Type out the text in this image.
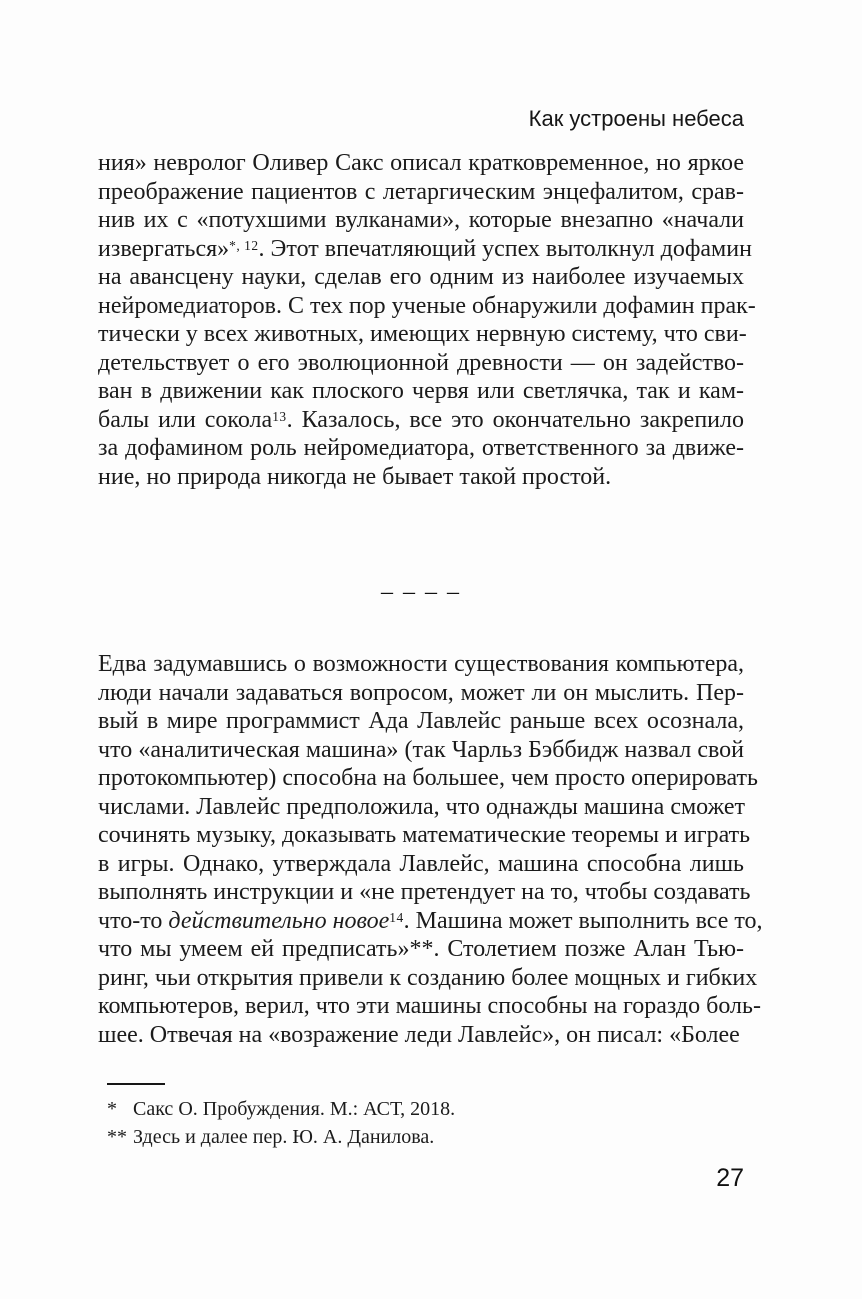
Как устроены небеса
ния» невролог Оливер Сакс описал кратковременное, но яркое
преображение пациентов с летаргическим энцефалитом, срав-
нив их с «потухшими вулканами», которые внезапно «начали
извергаться»$^{*, 12}$. Этот впечатляющий успех вытолкнул дофамин
на авансцену науки, сделав его одним из наиболее изучаемых
нейромедиаторов. С тех пор ученые обнаружили дофамин прак-
тически у всех животных, имеющих нервную систему, что сви-
детельствует о его эволюционной древности — он задейство-
ван в движении как плоского червя или светлячка, так и кам-
балы или сокола$^{13}$. Казалось, все это окончательно закрепило
за дофамином роль нейромедиатора, ответственного за движе-
ние, но природа никогда не бывает такой простой.
– – – –
Едва задумавшись о возможности существования компьютера,
люди начали задаваться вопросом, может ли он мыслить. Пер-
вый в мире программист Ада Лавлейс раньше всех осознала,
что «аналитическая машина» (так Чарльз Бэббидж назвал свой
протокомпьютер) способна на большее, чем просто оперировать
числами. Лавлейс предположила, что однажды машина сможет
сочинять музыку, доказывать математические теоремы и играть
в игры. Однако, утверждала Лавлейс, машина способна лишь
выполнять инструкции и «не претендует на то, чтобы создавать
что-то действительно новое$^{14}$. Машина может выполнить все то,
что мы умеем ей предписать»**. Столетием позже Алан Тью-
ринг, чьи открытия привели к созданию более мощных и гибких
компьютеров, верил, что эти машины способны на гораздо боль-
шее. Отвечая на «возражение леди Лавлейс», он писал: «Более
* Сакс О. Пробуждения. М.: АСТ, 2018.
** Здесь и далее пер. Ю. А. Данилова.
27
